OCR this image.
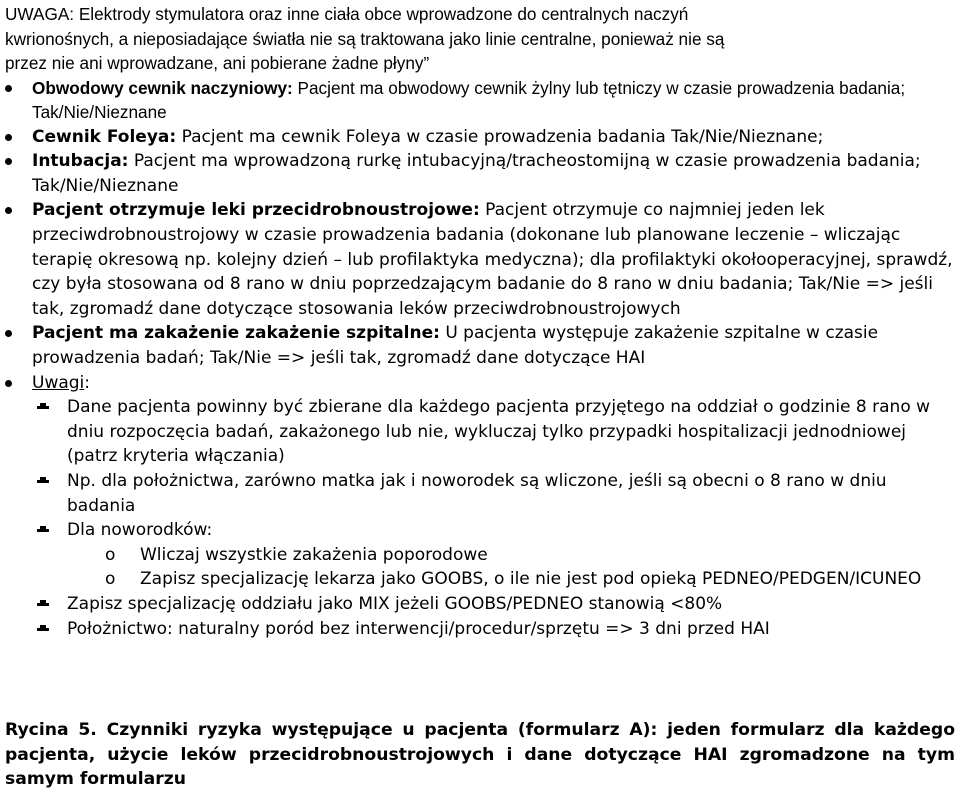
UWAGA: Elektrody stymulatora oraz inne ciała obce wprowadzone do centralnych naczyń
kwrionośnych, a nieposiadające światła nie są traktowana jako linie centralne, ponieważ nie są
przez nie ani wprowadzane, ani pobierane żadne płyny”
Obwodowy cewnik naczyniowy: Pacjent ma obwodowy cewnik żylny lub tętniczy w czasie prowadzenia badania; Tak/Nie/Nieznane
Cewnik Foleya: Pacjent ma cewnik Foleya w czasie prowadzenia badania Tak/Nie/Nieznane;
Intubacja: Pacjent ma wprowadzoną rurkę intubacyjną/tracheostomijną w czasie prowadzenia badania; Tak/Nie/Nieznane
Pacjent otrzymuje leki przecidrobnoustrojowe: Pacjent otrzymuje co najmniej jeden lek przeciwdrobnoustrojowy w czasie prowadzenia badania (dokonane lub planowane leczenie – wliczając terapię okresową np. kolejny dzień – lub profilaktyka medyczna); dla profilaktyki okołooperacyjnej, sprawdź, czy była stosowana od 8 rano w dniu poprzedzającym badanie do 8 rano w dniu badania; Tak/Nie => jeśli tak, zgromadź dane dotyczące stosowania leków przeciwdrobnoustrojowych
Pacjent ma zakażenie zakażenie szpitalne: U pacjenta występuje zakażenie szpitalne w czasie prowadzenia badań; Tak/Nie => jeśli tak, zgromadź dane dotyczące HAI
Uwagi:
Dane pacjenta powinny być zbierane dla każdego pacjenta przyjętego na oddział o godzinie 8 rano w dniu rozpoczęcia badań, zakażonego lub nie, wykluczaj tylko przypadki hospitalizacji jednodniowej (patrz kryteria włączania)
Np. dla położnictwa, zarówno matka jak i noworodek są wliczone, jeśli są obecni o 8 rano w dniu badania
Dla noworodków:
o Wliczaj wszystkie zakażenia poporodowe
o Zapisz specjalizację lekarza jako GOOBS, o ile nie jest pod opieką PEDNEO/PEDGEN/ICUNEO
Zapisz specjalizację oddziału jako MIX jeżeli GOOBS/PEDNEO stanowią <80%
Położnictwo: naturalny poród bez interwencji/procedur/sprzętu => 3 dni przed HAI
Rycina 5. Czynniki ryzyka występujące u pacjenta (formularz A): jeden formularz dla każdego pacjenta, użycie leków przecidrobnoustrojowych i dane dotyczące HAI zgromadzone na tym samym formularzu
